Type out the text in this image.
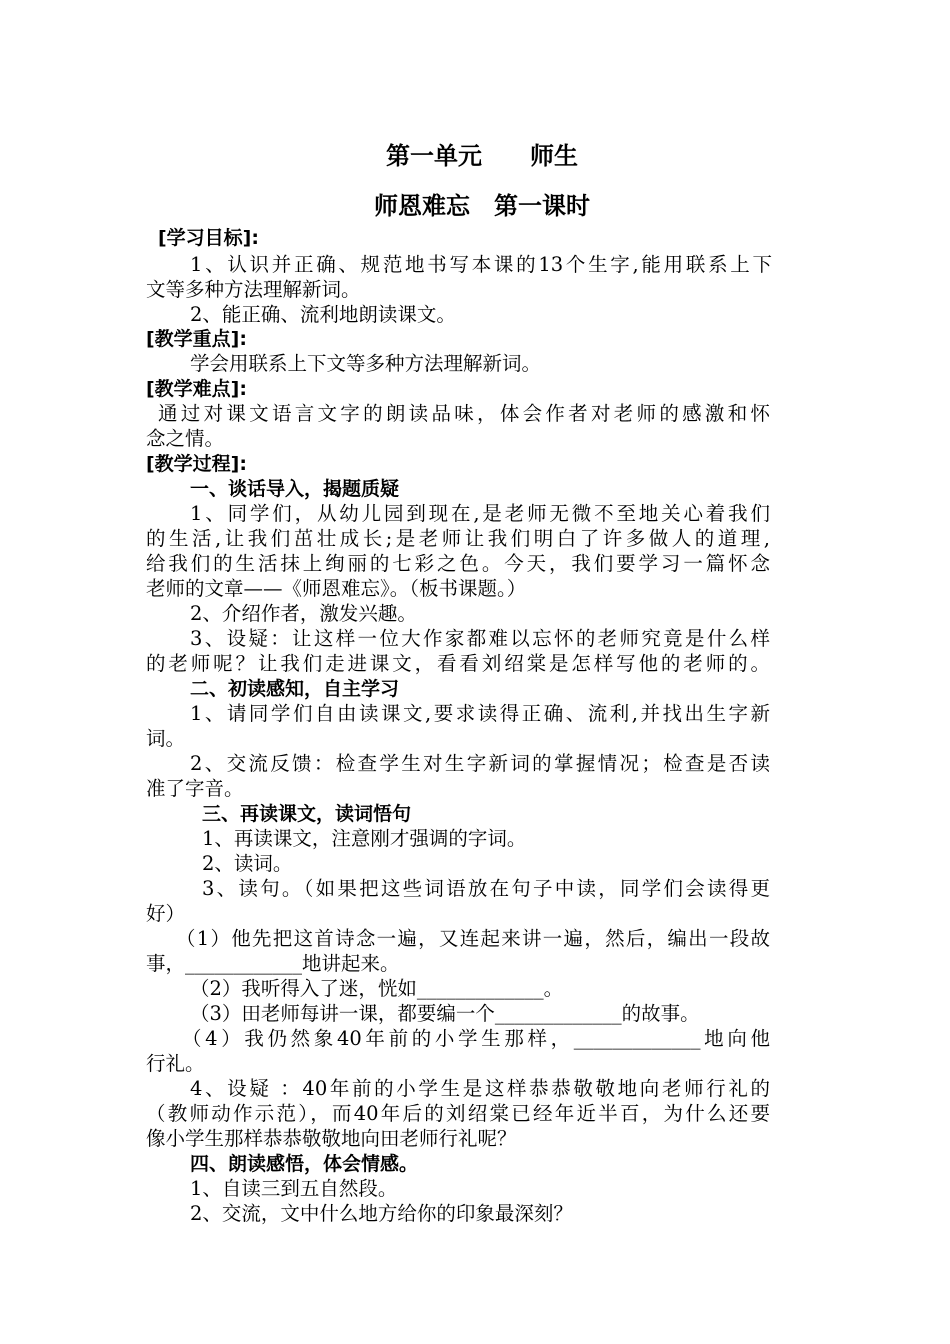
第一单元　　师生
师恩难忘　第一课时
[学习目标]:
1、认识并正确、规范地书写本课的13个生字,能用联系上下
文等多种方法理解新词。
2、能正确、流利地朗读课文。
[教学重点]:
学会用联系上下文等多种方法理解新词。
[教学难点]:
通过对课文语言文字的朗读品味，体会作者对老师的感激和怀
念之情。
[教学过程]:
一、谈话导入，揭题质疑
1、同学们，从幼儿园到现在,是老师无微不至地关心着我们
的生活,让我们茁壮成长;是老师让我们明白了许多做人的道理,
给我们的生活抹上绚丽的七彩之色。今天，我们要学习一篇怀念
老师的文章——《师恩难忘》。（板书课题。）
2、介绍作者，激发兴趣。
3、设疑：让这样一位大作家都难以忘怀的老师究竟是什么样
的老师呢？让我们走进课文，看看刘绍棠是怎样写他的老师的。
二、初读感知，自主学习
1、请同学们自由读课文,要求读得正确、流利,并找出生字新
词。
2、交流反馈：检查学生对生字新词的掌握情况；检查是否读
准了字音。
三、再读课文，读词悟句
1、再读课文，注意刚才强调的字词。
2、读词。
3、读句。（如果把这些词语放在句子中读，同学们会读得更
好）
（1）他先把这首诗念一遍，又连起来讲一遍，然后，编出一段故
事，____________地讲起来。
（2）我听得入了迷，恍如_____________。
（3）田老师每讲一课，都要编一个_____________的故事。
（4）我仍然象40年前的小学生那样，_____________地向他
行礼。
4、设疑 ：40年前的小学生是这样恭恭敬敬地向老师行礼的
（教师动作示范），而40年后的刘绍棠已经年近半百，为什么还要
像小学生那样恭恭敬敬地向田老师行礼呢？
四、朗读感悟，体会情感。
1、自读三到五自然段。
2、交流，文中什么地方给你的印象最深刻？
